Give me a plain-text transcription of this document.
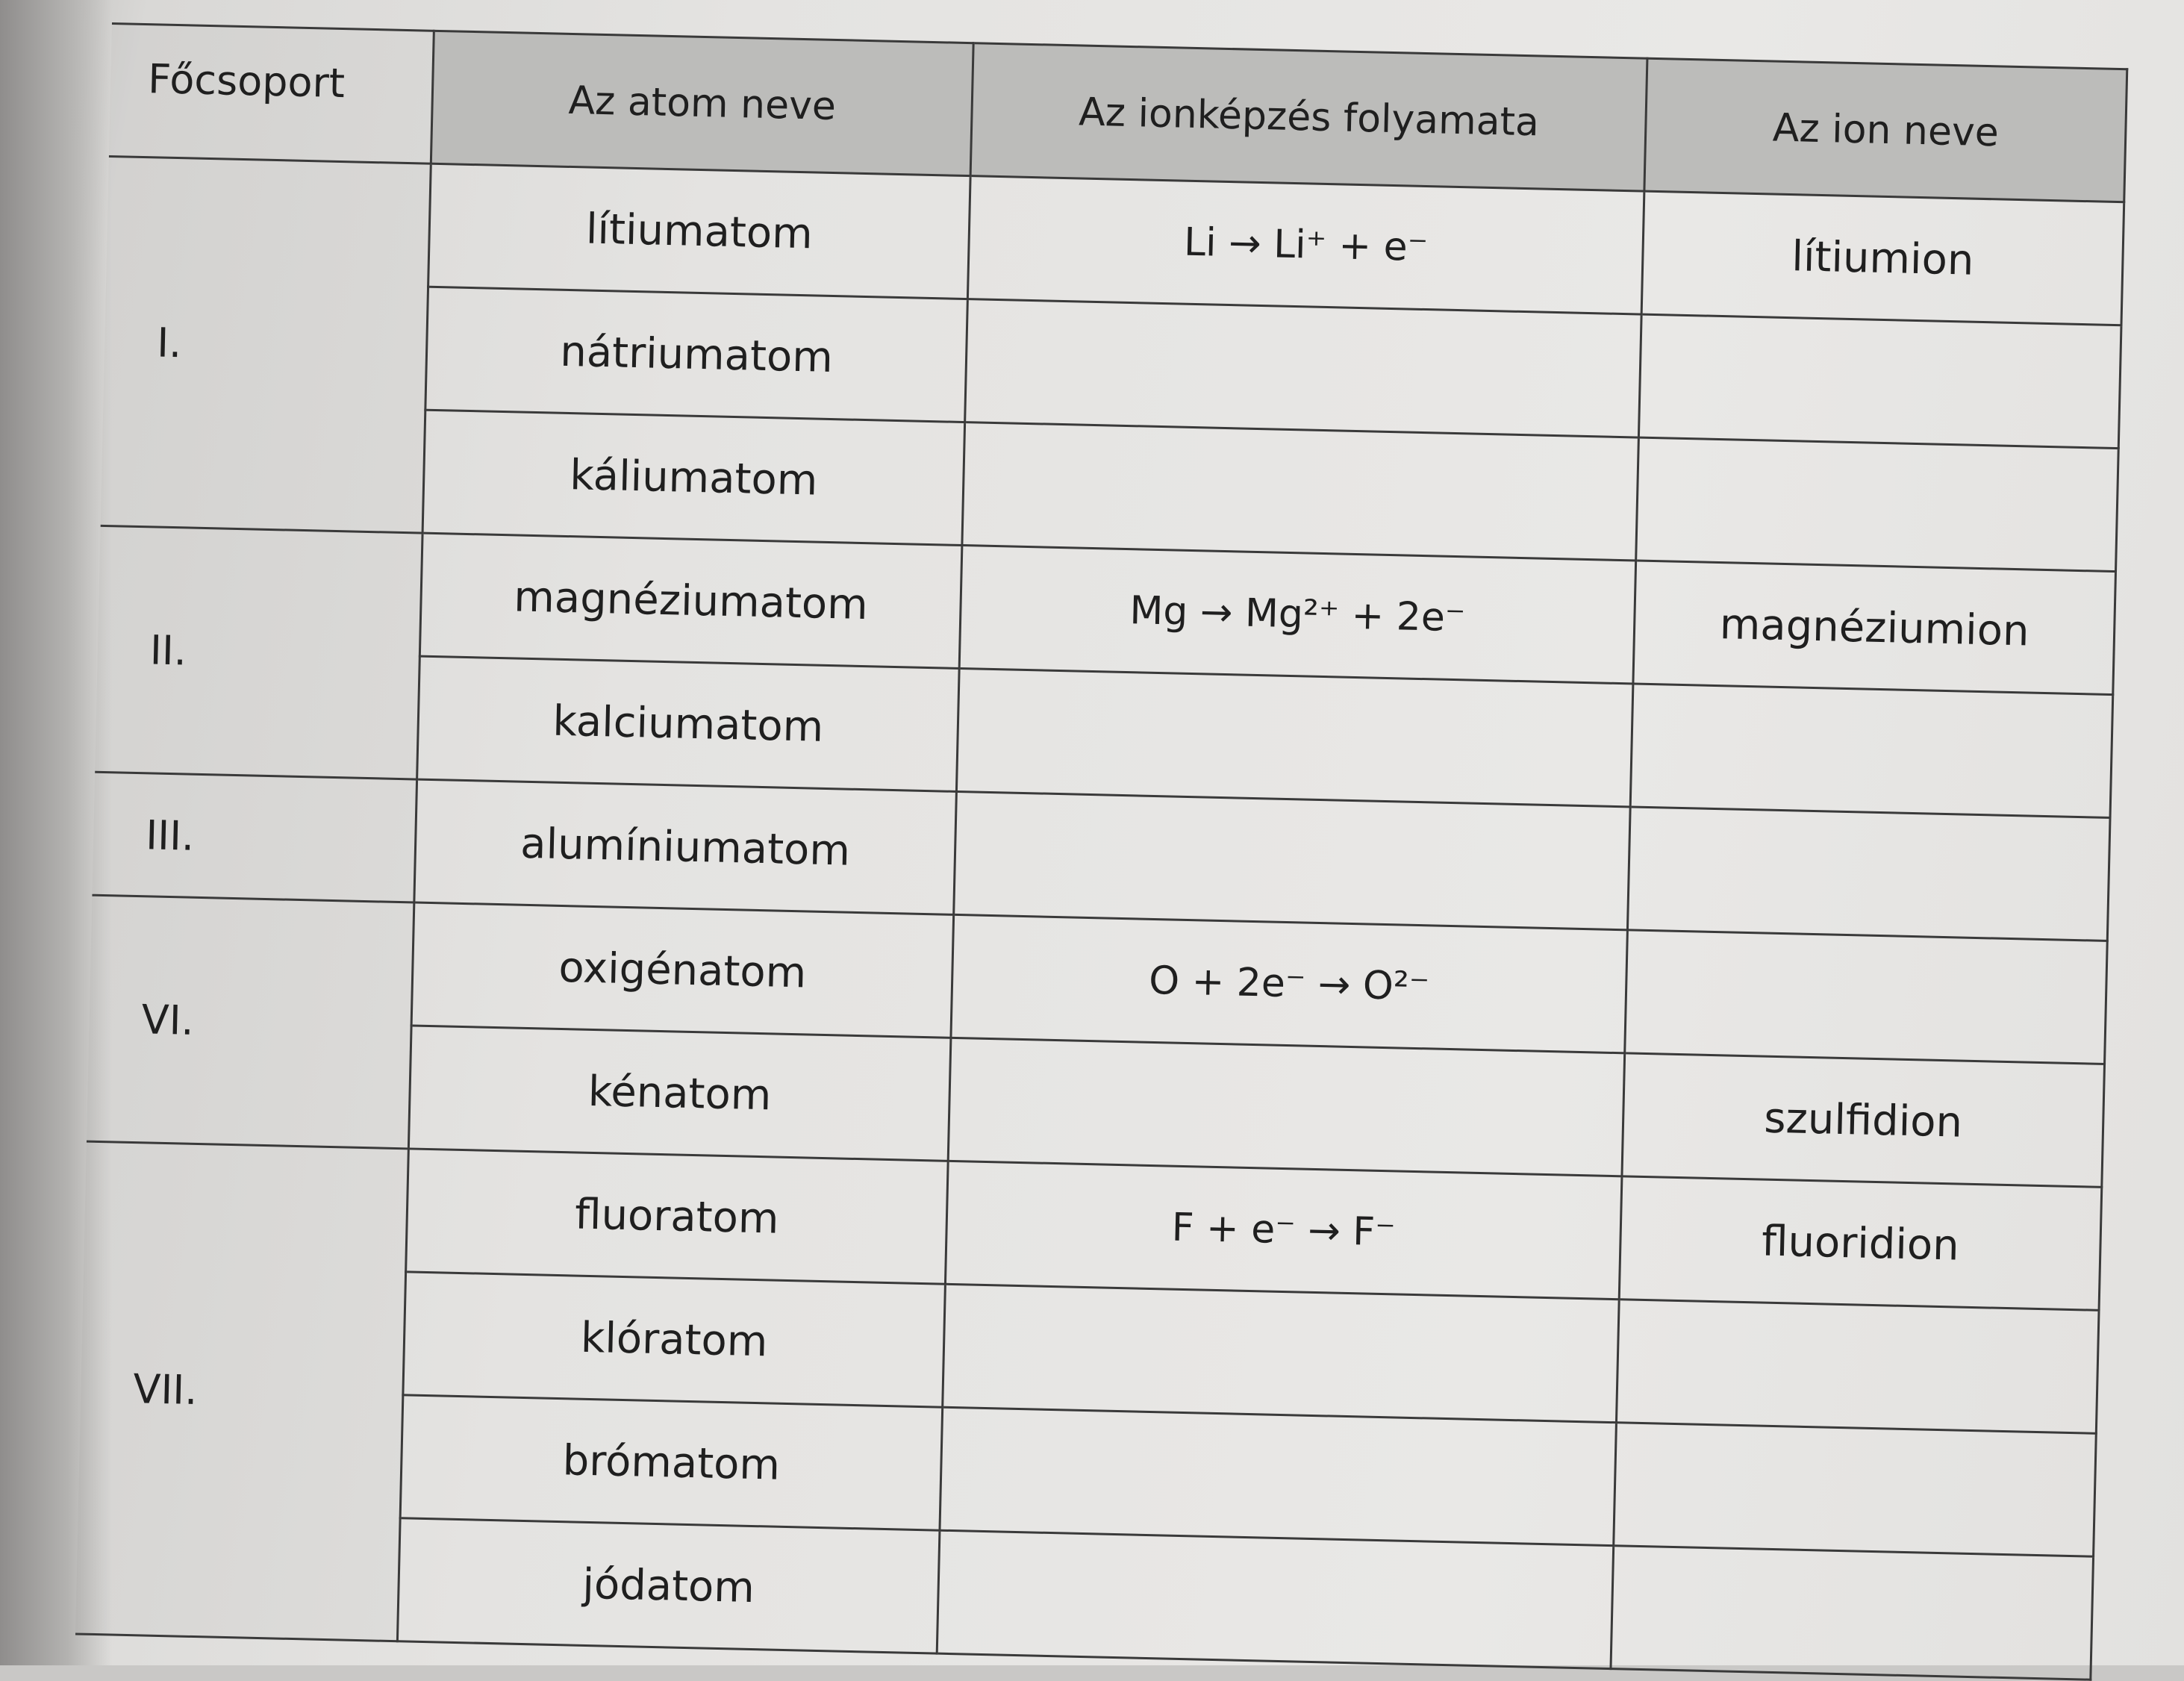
Főcsoport	Az atom neve	Az ionképzés folyamata	Az ion neve
I.	lítiumatom	Li → Li⁺ + e⁻	lítiumion
	nátriumatom		
	káliumatom		
II.	magnéziumatom	Mg → Mg²⁺ + 2e⁻	magnéziumion
	kalciumatom		
III.	alumíniumatom		
VI.	oxigénatom	O + 2e⁻ → O²⁻	
	kénatom		szulfidion
VII.	fluoratom	F + e⁻ → F⁻	fluoridion
	klóratom		
	brómatom		
	jódatom		
